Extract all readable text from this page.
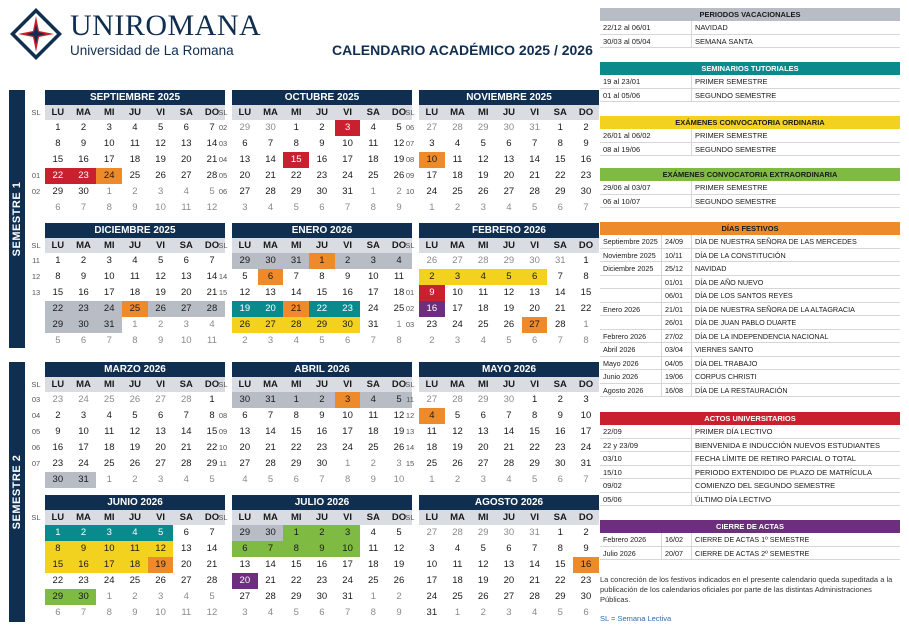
UNIROMANA
Universidad de La Romana	CALENDARIO ACADÉMICO 2025 / 2026
SEMESTRE 1
SEMESTRE 2
SL
01
02
SEPTIEMBRE 2025
LU	MA	MI	JU	VI	SA	DO
1	2	3	4	5	6	7
8	9	10	11	12	13	14
15	16	17	18	19	20	21
22	23	24	25	26	27	28
29	30	1	2	3	4	5
6	7	8	9	10	11	12
SL
02
03
04
05
06
OCTUBRE 2025
LU	MA	MI	JU	VI	SA	DO
29	30	1	2	3	4	5
6	7	8	9	10	11	12
13	14	15	16	17	18	19
20	21	22	23	24	25	26
27	28	29	30	31	1	2
3	4	5	6	7	8	9
SL
06
07
08
09
10
NOVIEMBRE 2025
LU	MA	MI	JU	VI	SA	DO
27	28	29	30	31	1	2
3	4	5	6	7	8	9
10	11	12	13	14	15	16
17	18	19	20	21	22	23
24	25	26	27	28	29	30
1	2	3	4	5	6	7
SL
11
12
13
DICIEMBRE 2025
LU	MA	MI	JU	VI	SA	DO
1	2	3	4	5	6	7
8	9	10	11	12	13	14
15	16	17	18	19	20	21
22	23	24	25	26	27	28
29	30	31	1	2	3	4
5	6	7	8	9	10	11
SL
14
15
ENERO 2026
LU	MA	MI	JU	VI	SA	DO
29	30	31	1	2	3	4
5	6	7	8	9	10	11
12	13	14	15	16	17	18
19	20	21	22	23	24	25
26	27	28	29	30	31	1
2	3	4	5	6	7	8
SL
01
02
03
FEBRERO 2026
LU	MA	MI	JU	VI	SA	DO
26	27	28	29	30	31	1
2	3	4	5	6	7	8
9	10	11	12	13	14	15
16	17	18	19	20	21	22
23	24	25	26	27	28	1
2	3	4	5	6	7	8
SL
03
04
05
06
07
MARZO 2026
LU	MA	MI	JU	VI	SA	DO
23	24	25	26	27	28	1
2	3	4	5	6	7	8
9	10	11	12	13	14	15
16	17	18	19	20	21	22
23	24	25	26	27	28	29
30	31	1	2	3	4	5
SL
08
09
10
11
ABRIL 2026
LU	MA	MI	JU	VI	SA	DO
30	31	1	2	3	4	5
6	7	8	9	10	11	12
13	14	15	16	17	18	19
20	21	22	23	24	25	26
27	28	29	30	1	2	3
4	5	6	7	8	9	10
SL
11
12
13
14
15
MAYO 2026
LU	MA	MI	JU	VI	SA	DO
27	28	29	30	1	2	3
4	5	6	7	8	9	10
11	12	13	14	15	16	17
18	19	20	21	22	23	24
25	26	27	28	29	30	31
1	2	3	4	5	6	7
SL
JUNIO 2026
LU	MA	MI	JU	VI	SA	DO
1	2	3	4	5	6	7
8	9	10	11	12	13	14
15	16	17	18	19	20	21
22	23	24	25	26	27	28
29	30	1	2	3	4	5
6	7	8	9	10	11	12
SL
JULIO 2026
LU	MA	MI	JU	VI	SA	DO
29	30	1	2	3	4	5
6	7	8	9	10	11	12
13	14	15	16	17	18	19
20	21	22	23	24	25	26
27	28	29	30	31	1	2
3	4	5	6	7	8	9
SL
AGOSTO 2026
LU	MA	MI	JU	VI	SA	DO
27	28	29	30	31	1	2
3	4	5	6	7	8	9
10	11	12	13	14	15	16
17	18	19	20	21	22	23
24	25	26	27	28	29	30
31	1	2	3	4	5	6
PERIODOS VACACIONALES
22/12 al 06/01	NAVIDAD
30/03 al 05/04	SEMANA SANTA
SEMINARIOS TUTORIALES
19 al 23/01	PRIMER SEMESTRE
01 al 05/06	SEGUNDO SEMESTRE
EXÁMENES CONVOCATORIA ORDINARIA
26/01 al 06/02	PRIMER SEMESTRE
08 al 19/06	SEGUNDO SEMESTRE
EXÁMENES CONVOCATORIA EXTRAORDINARIA
29/06 al 03/07	PRIMER SEMESTRE
06 al 10/07	SEGUNDO SEMESTRE
DÍAS FESTIVOS
Septiembre 2025	24/09	DÍA DE NUESTRA SEÑORA DE LAS MERCEDES
Noviembre 2025	10/11	DÍA DE LA CONSTITUCIÓN
Diciembre 2025	25/12	NAVIDAD
01/01	DÍA DE AÑO NUEVO
06/01	DÍA DE LOS SANTOS REYES
Enero 2026	21/01	DÍA DE NUESTRA SEÑORA DE LA ALTAGRACIA
26/01	DÍA DE JUAN PABLO DUARTE
Febrero 2026	27/02	DÍA DE LA INDEPENDENCIA NACIONAL
Abril 2026	03/04	VIERNES SANTO
Mayo 2026	04/05	DÍA DEL TRABAJO
Junio 2026	19/06	CORPUS CHRISTI
Agosto 2026	16/08	DÍA DE LA RESTAURACIÓN
ACTOS UNIVERSITARIOS
22/09	PRIMER DÍA LECTIVO
22 y 23/09	BIENVENIDA E INDUCCIÓN NUEVOS ESTUDIANTES
03/10	FECHA LÍMITE DE RETIRO PARCIAL O TOTAL
15/10	PERIODO EXTENDIDO DE PLAZO DE MATRÍCULA
09/02	COMIENZO DEL SEGUNDO SEMESTRE
05/06	ÚLTIMO DÍA LECTIVO
CIERRE DE ACTAS
Febrero 2026	16/02	CIERRE DE ACTAS 1º SEMESTRE
Julio 2026	20/07	CIERRE DE ACTAS 2º SEMESTRE
La concreción de los festivos indicados en el presente calendario queda supeditada a la publicación de los calendarios oficiales por parte de las distintas Administraciones Públicas.
SL = Semana Lectiva
